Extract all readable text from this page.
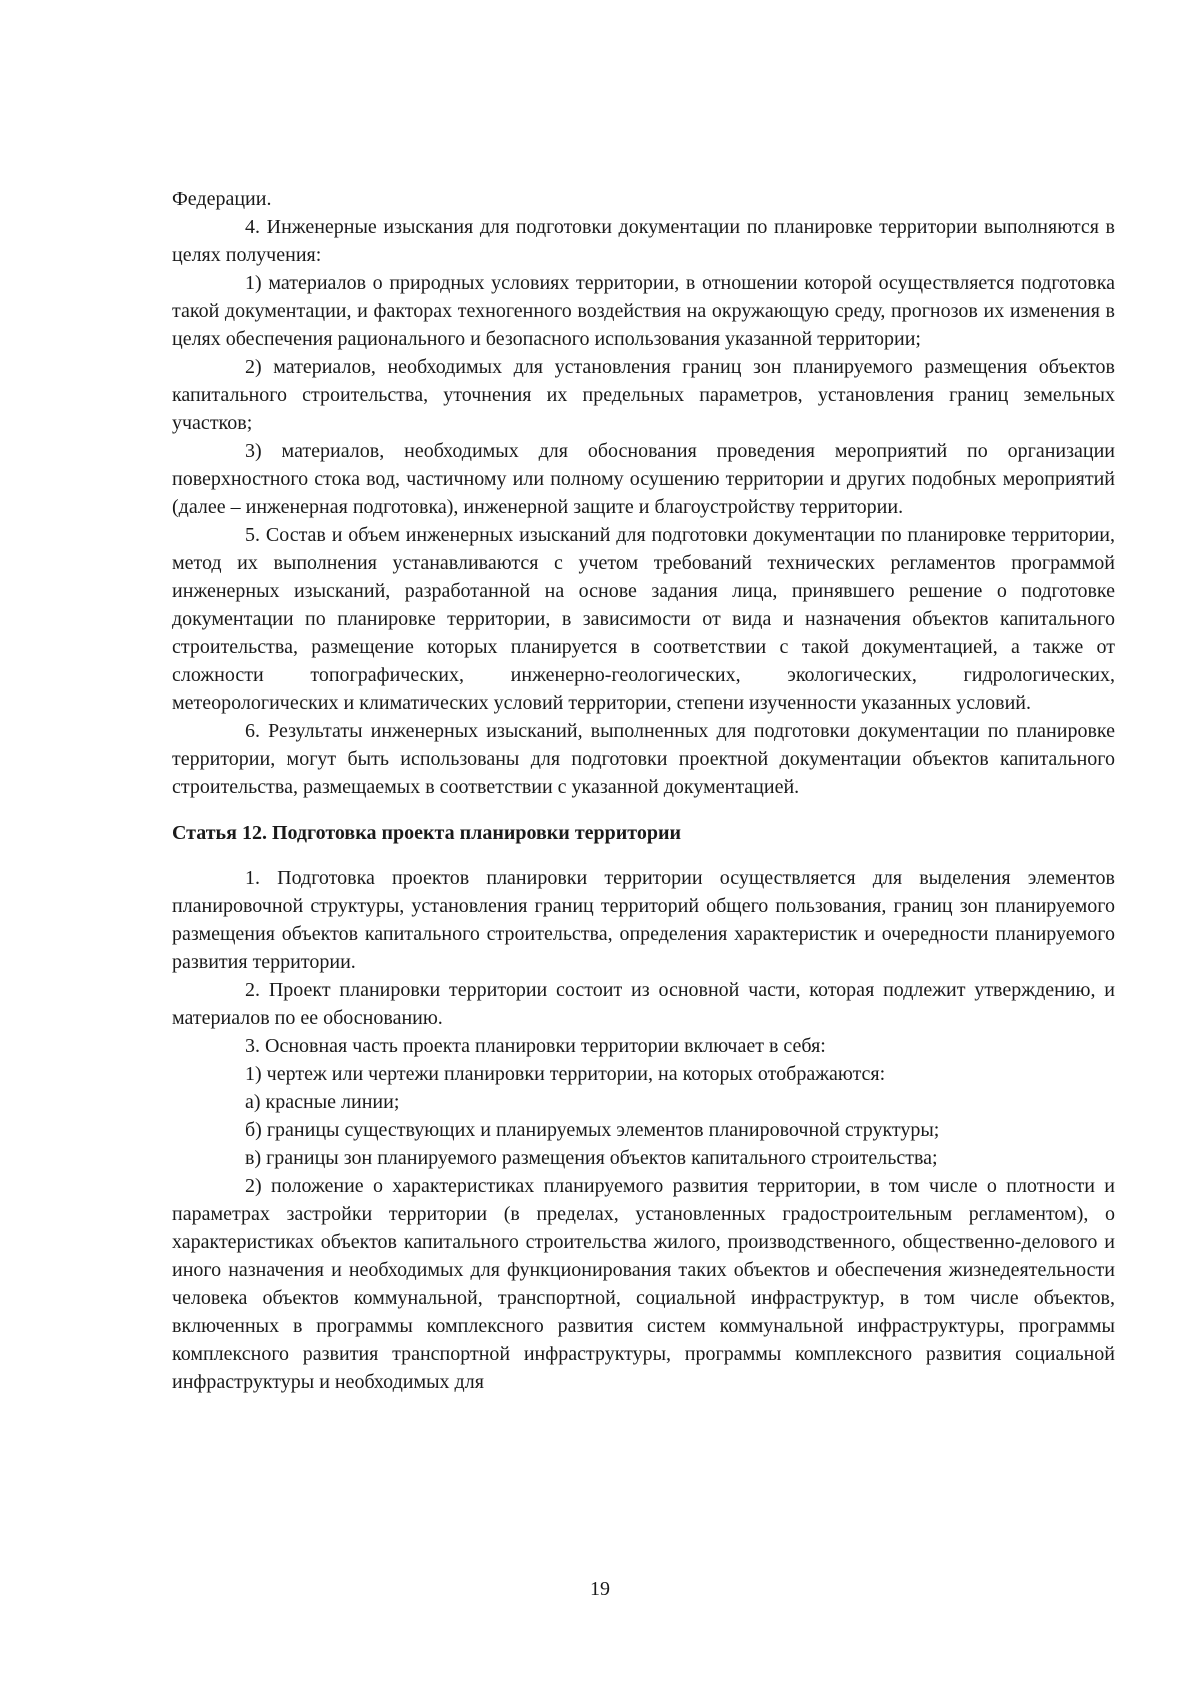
Федерации.

4. Инженерные изыскания для подготовки документации по планировке территории выполняются в целях получения:

1) материалов о природных условиях территории, в отношении которой осуществляется подготовка такой документации, и факторах техногенного воздействия на окружающую среду, прогнозов их изменения в целях обеспечения рационального и безопасного использования указанной территории;

2) материалов, необходимых для установления границ зон планируемого размещения объектов капитального строительства, уточнения их предельных параметров, установления границ земельных участков;

3) материалов, необходимых для обоснования проведения мероприятий по организации поверхностного стока вод, частичному или полному осушению территории и других подобных мероприятий (далее – инженерная подготовка), инженерной защите и благоустройству территории.

5. Состав и объем инженерных изысканий для подготовки документации по планировке территории, метод их выполнения устанавливаются с учетом требований технических регламентов программой инженерных изысканий, разработанной на основе задания лица, принявшего решение о подготовке документации по планировке территории, в зависимости от вида и назначения объектов капитального строительства, размещение которых планируется в соответствии с такой документацией, а также от сложности топографических, инженерно-геологических, экологических, гидрологических, метеорологических и климатических условий территории, степени изученности указанных условий.

6. Результаты инженерных изысканий, выполненных для подготовки документации по планировке территории, могут быть использованы для подготовки проектной документации объектов капитального строительства, размещаемых в соответствии с указанной документацией.

Статья 12. Подготовка проекта планировки территории

1. Подготовка проектов планировки территории осуществляется для выделения элементов планировочной структуры, установления границ территорий общего пользования, границ зон планируемого размещения объектов капитального строительства, определения характеристик и очередности планируемого развития территории.

2. Проект планировки территории состоит из основной части, которая подлежит утверждению, и материалов по ее обоснованию.

3. Основная часть проекта планировки территории включает в себя:

1) чертеж или чертежи планировки территории, на которых отображаются:

а) красные линии;

б) границы существующих и планируемых элементов планировочной структуры;

в) границы зон планируемого размещения объектов капитального строительства;

2) положение о характеристиках планируемого развития территории, в том числе о плотности и параметрах застройки территории (в пределах, установленных градостроительным регламентом), о характеристиках объектов капитального строительства жилого, производственного, общественно-делового и иного назначения и необходимых для функционирования таких объектов и обеспечения жизнедеятельности человека объектов коммунальной, транспортной, социальной инфраструктур, в том числе объектов, включенных в программы комплексного развития систем коммунальной инфраструктуры, программы комплексного развития транспортной инфраструктуры, программы комплексного развития социальной инфраструктуры и необходимых для

19
